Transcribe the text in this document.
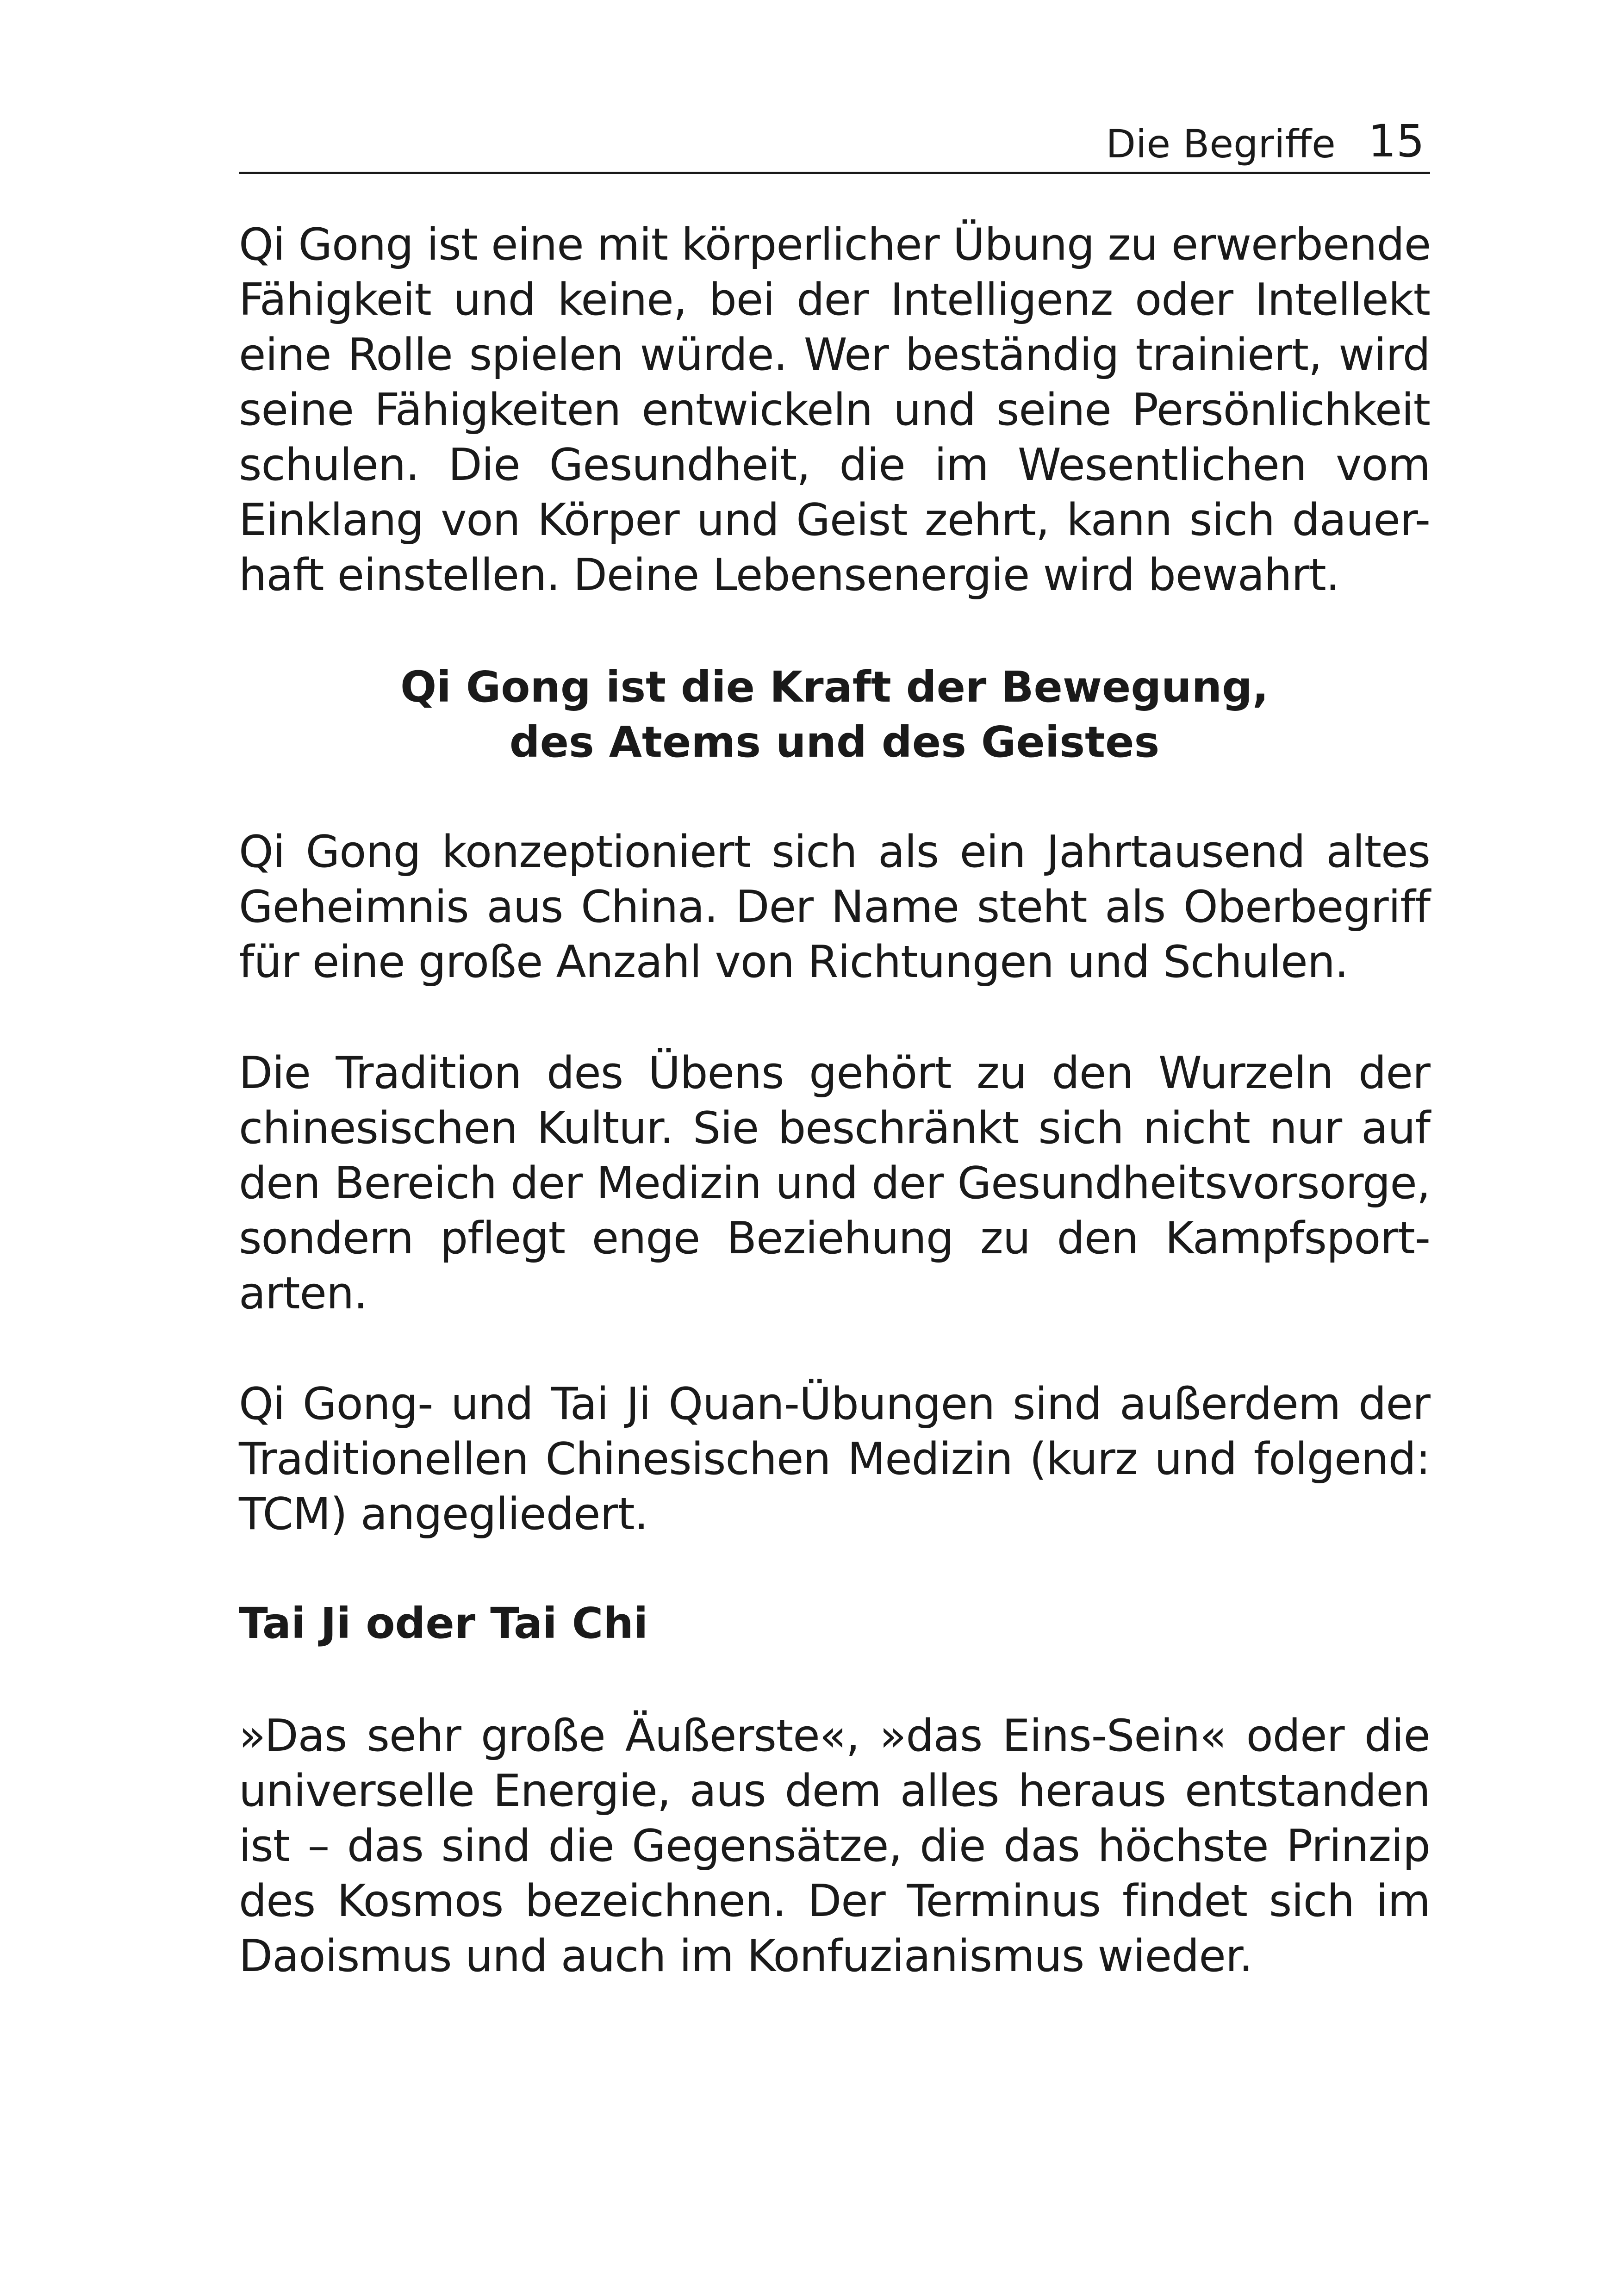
Die Begriffe 15
Qi Gong ist eine mit körperlicher Übung zu erwerbende
Fähigkeit und keine, bei der Intelligenz oder Intellekt
eine Rolle spielen würde. Wer beständig trainiert, wird
seine Fähigkeiten entwickeln und seine Persönlichkeit
schulen. Die Gesundheit, die im Wesentlichen vom
Einklang von Körper und Geist zehrt, kann sich dauer-
haft einstellen. Deine Lebensenergie wird bewahrt.
Qi Gong ist die Kraft der Bewegung,
des Atems und des Geistes
Qi Gong konzeptioniert sich als ein Jahrtausend altes
Geheimnis aus China. Der Name steht als Oberbegriff
für eine große Anzahl von Richtungen und Schulen.
Die Tradition des Übens gehört zu den Wurzeln der
chinesischen Kultur. Sie beschränkt sich nicht nur auf
den Bereich der Medizin und der Gesundheitsvorsorge,
sondern pflegt enge Beziehung zu den Kampfsport-
arten.
Qi Gong- und Tai Ji Quan-Übungen sind außerdem der
Traditionellen Chinesischen Medizin (kurz und folgend:
TCM) angegliedert.
Tai Ji oder Tai Chi
»Das sehr große Äußerste«, »das Eins-Sein« oder die
universelle Energie, aus dem alles heraus entstanden
ist – das sind die Gegensätze, die das höchste Prinzip
des Kosmos bezeichnen. Der Terminus findet sich im
Daoismus und auch im Konfuzianismus wieder.
